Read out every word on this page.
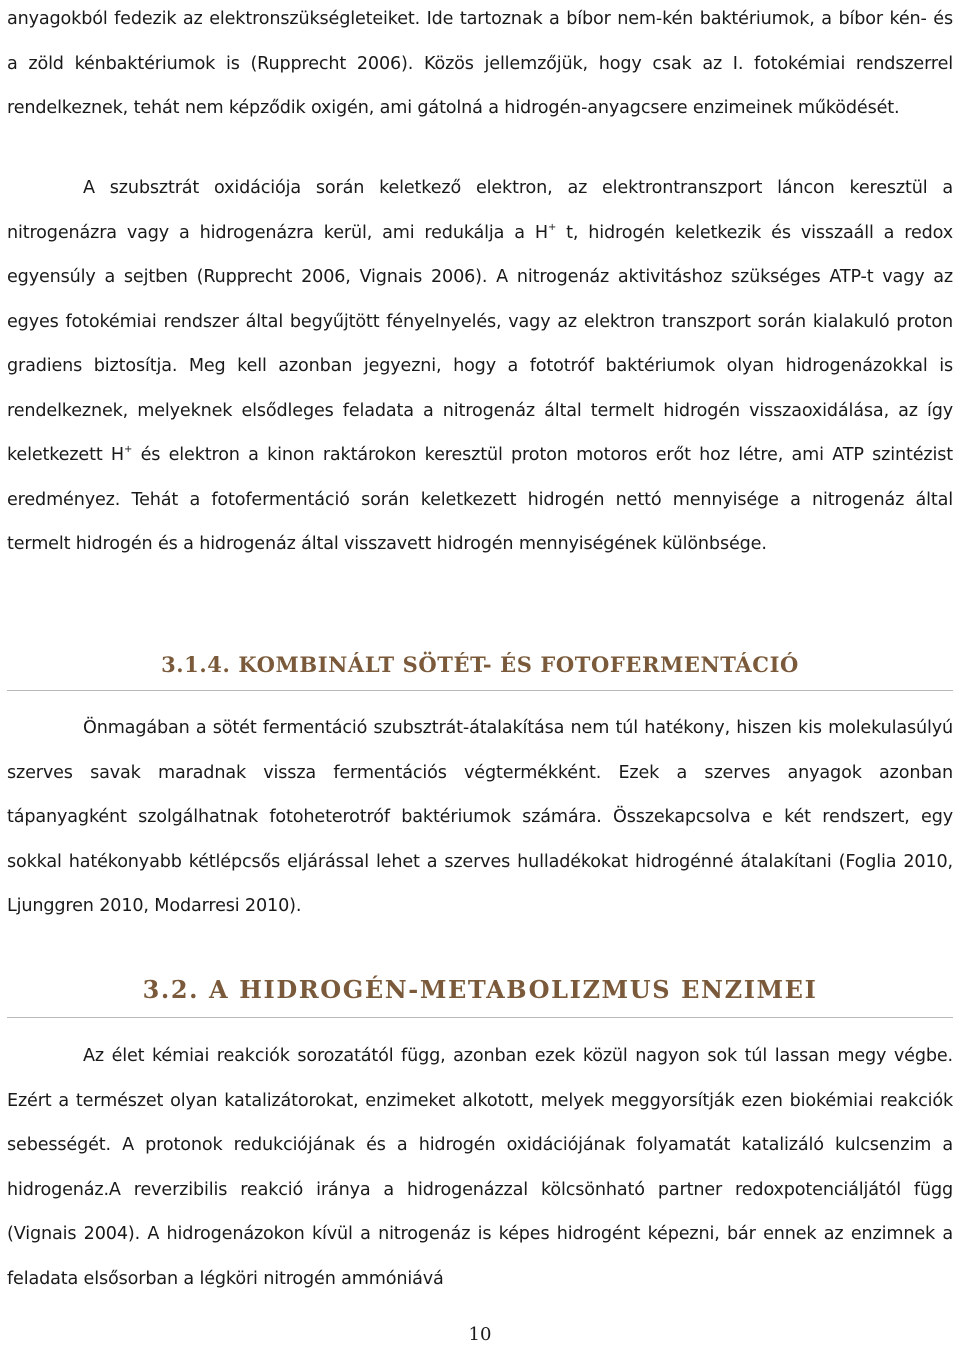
anyagokból fedezik az elektronszükségleteiket. Ide tartoznak a bíbor nem-kén baktériumok, a bíbor kén- és a zöld kénbaktériumok is (Rupprecht 2006). Közös jellemzőjük, hogy csak az I. fotokémiai rendszerrel rendelkeznek, tehát nem képződik oxigén, ami gátolná a hidrogén-anyagcsere enzimeinek működését.

A szubsztrát oxidációja során keletkező elektron, az elektrontranszport láncon keresztül a nitrogenázra vagy a hidrogenázra kerül, ami redukálja a H+ t, hidrogén keletkezik és visszaáll a redox egyensúly a sejtben (Rupprecht 2006, Vignais 2006). A nitrogenáz aktivitáshoz szükséges ATP-t vagy az egyes fotokémiai rendszer által begyűjtött fényelnyelés, vagy az elektron transzport során kialakuló proton gradiens biztosítja. Meg kell azonban jegyezni, hogy a fototróf baktériumok olyan hidrogenázokkal is rendelkeznek, melyeknek elsődleges feladata a nitrogenáz által termelt hidrogén visszaoxidálása, az így keletkezett H+ és elektron a kinon raktárokon keresztül proton motoros erőt hoz létre, ami ATP szintézist eredményez. Tehát a fotofermentáció során keletkezett hidrogén nettó mennyisége a nitrogenáz által termelt hidrogén és a hidrogenáz által visszavett hidrogén mennyiségének különbsége.

3.1.4. KOMBINÁLT SÖTÉT- ÉS FOTOFERMENTÁCIÓ

Önmagában a sötét fermentáció szubsztrát-átalakítása nem túl hatékony, hiszen kis molekulasúlyú szerves savak maradnak vissza fermentációs végtermékként. Ezek a szerves anyagok azonban tápanyagként szolgálhatnak fotoheterotróf baktériumok számára. Összekapcsolva e két rendszert, egy sokkal hatékonyabb kétlépcsős eljárással lehet a szerves hulladékokat hidrogénné átalakítani (Foglia 2010, Ljunggren 2010, Modarresi 2010).

3.2. A HIDROGÉN-METABOLIZMUS ENZIMEI

Az élet kémiai reakciók sorozatától függ, azonban ezek közül nagyon sok túl lassan megy végbe. Ezért a természet olyan katalizátorokat, enzimeket alkotott, melyek meggyorsítják ezen biokémiai reakciók sebességét. A protonok redukciójának és a hidrogén oxidációjának folyamatát katalizáló kulcsenzim a hidrogenáz.A reverzibilis reakció iránya a hidrogenázzal kölcsönható partner redoxpotenciáljától függ (Vignais 2004). A hidrogenázokon kívül a nitrogenáz is képes hidrogént képezni, bár ennek az enzimnek a feladata elsősorban a légköri nitrogén ammóniává

10
